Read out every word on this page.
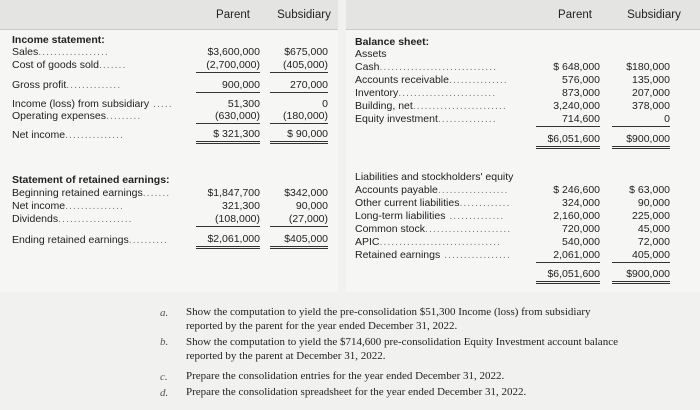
Parent	Subsidiary	Parent	Subsidiary
Income statement:
Sales..................	$3,600,000	$675,000
Cost of goods sold.......	(2,700,000)	(405,000)
Gross profit..............	900,000	270,000
Income (loss) from subsidiary .....	51,300	0
Operating expenses.........	(630,000)	(180,000)
Net income...............	$ 321,300	$ 90,000
Statement of retained earnings:
Beginning retained earnings.......	$1,847,700	$342,000
Net income...............	321,300	90,000
Dividends...................	(108,000)	(27,000)
Ending retained earnings..........	$2,061,000	$405,000
Balance sheet:
Assets
Cash..............................	$ 648,000	$180,000
Accounts receivable...............	576,000	135,000
Inventory.........................	873,000	207,000
Building, net........................	3,240,000	378,000
Equity investment...............	714,600	0
$6,051,600	$900,000
Liabilities and stockholders' equity
Accounts payable..................	$ 246,600	$ 63,000
Other current liabilities.............	324,000	90,000
Long-term liabilities ..............	2,160,000	225,000
Common stock......................	720,000	45,000
APIC...............................	540,000	72,000
Retained earnings .................	2,061,000	405,000
$6,051,600	$900,000
a. Show the computation to yield the pre-consolidation $51,300 Income (loss) from subsidiary
reported by the parent for the year ended December 31, 2022.
b. Show the computation to yield the $714,600 pre-consolidation Equity Investment account balance
reported by the parent at December 31, 2022.
c. Prepare the consolidation entries for the year ended December 31, 2022.
d. Prepare the consolidation spreadsheet for the year ended December 31, 2022.
